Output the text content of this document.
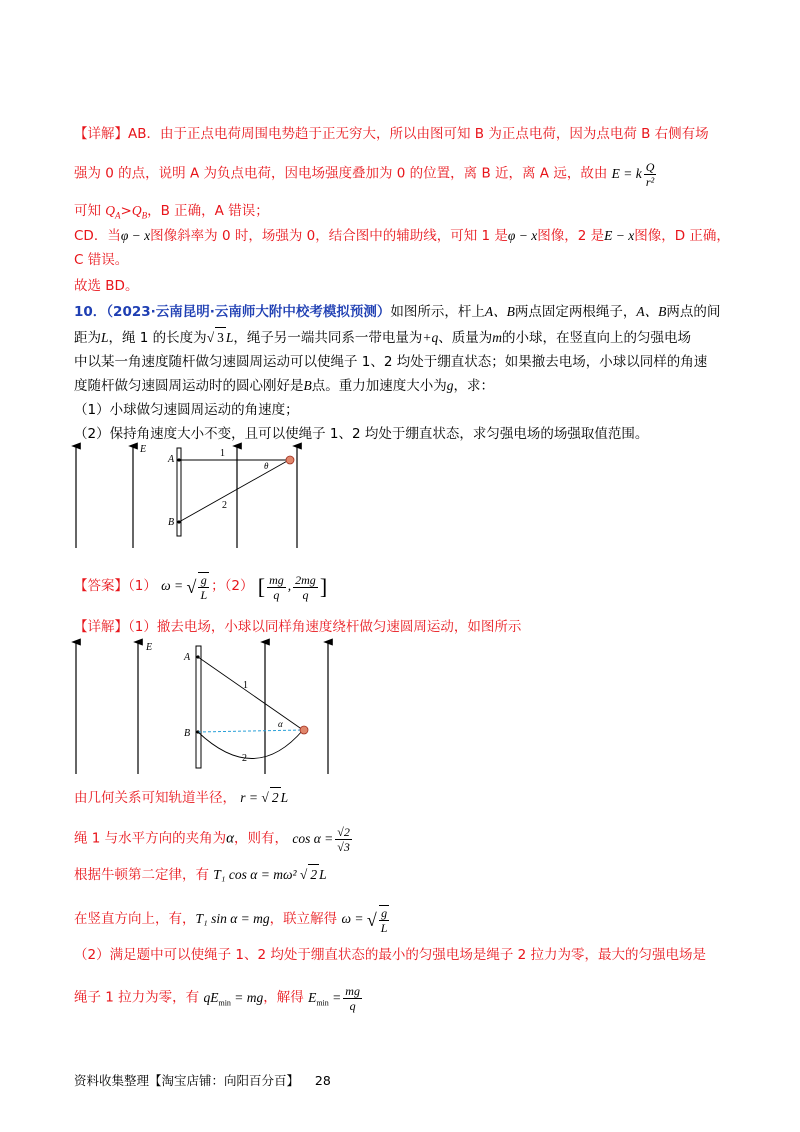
【详解】AB．由于正点电荷周围电势趋于正无穷大，所以由图可知 B 为正点电荷，因为点电荷 B 右侧有场
强为 0 的点，说明 A 为负点电荷，因电场强度叠加为 0 的位置，离 B 近，离 A 远，故由 E = k $\frac{Q}{\text{r²}}$
可知 $Q_A>Q_B$，B 正确，A 错误；
CD．当φ − x图像斜率为 0 时，场强为 0，结合图中的辅助线，可知 1 是φ − x图像，2 是E − x图像，D 正确，
C 错误。
故选 BD。
10．（2023·云南昆明·云南师大附中校考模拟预测）如图所示，杆上A、B两点固定两根绳子，A、B两点的间
距为L，绳 1 的长度为√ 3 L，绳子另一端共同系一带电量为+q、质量为m的小球，在竖直向上的匀强电场
中以某一角速度随杆做匀速圆周运动可以使绳子 1、2 均处于绷直状态；如果撤去电场，小球以同样的角速
度随杆做匀速圆周运动时的圆心刚好是B点。重力加速度大小为g，求：
（1）小球做匀速圆周运动的角速度；
（2）保持角速度大小不变，且可以使绳子 1、2 均处于绷直状态，求匀强电场的场强取值范围。
E
A
B
1
2
θ
【答案】（1） ω = √ $\frac{g}{L}$ ；（2） [ $\frac{mg}{q}$ , $\frac{2mg}{q}$ ]
【详解】（1）撤去电场，小球以同样角速度绕杆做匀速圆周运动，如图所示
E
A
B
1
2
α
由几何关系可知轨道半径， r = √ 2 L
绳 1 与水平方向的夹角为α，则有， $\cos \alpha = \frac{√2}{√3}$
根据牛顿第二定律，有 T₁ cos α = mω² √ 2 L
在竖直方向上，有，T₁ sin α = mg，联立解得 ω = √ $\frac{g}{L}$
（2）满足题中可以使绳子 1、2 均处于绷直状态的最小的匀强电场是绳子 2 拉力为零，最大的匀强电场是
绳子 1 拉力为零，有 $qE_{min}$ = mg，解得 $E_{min} = \frac{mg}{q}$
资料收集整理【淘宝店铺：向阳百分百】 28
